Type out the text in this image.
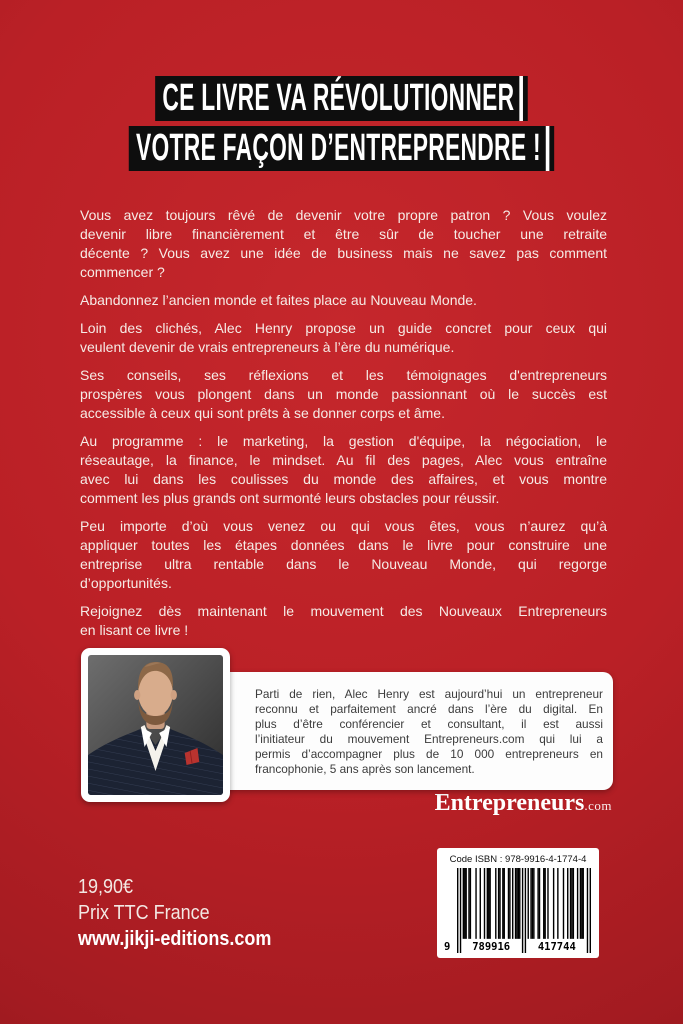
CE LIVRE VA RÉVOLUTIONNER
VOTRE FAÇON D’ENTREPRENDRE !
Vous avez toujours rêvé de devenir votre propre patron ? Vous voulez
devenir libre financièrement et être sûr de toucher une retraite
décente ? Vous avez une idée de business mais ne savez pas comment
commencer ?
Abandonnez l’ancien monde et faites place au Nouveau Monde.
Loin des clichés, Alec Henry propose un guide concret pour ceux qui
veulent devenir de vrais entrepreneurs à l’ère du numérique.
Ses conseils, ses réflexions et les témoignages d'entrepreneurs
prospères vous plongent dans un monde passionnant où le succès est
accessible à ceux qui sont prêts à se donner corps et âme.
Au programme : le marketing, la gestion d'équipe, la négociation, le
réseautage, la finance, le mindset. Au fil des pages, Alec vous entraîne
avec lui dans les coulisses du monde des affaires, et vous montre
comment les plus grands ont surmonté leurs obstacles pour réussir.
Peu importe d’où vous venez ou qui vous êtes, vous n’aurez qu’à
appliquer toutes les étapes données dans le livre pour construire une
entreprise ultra rentable dans le Nouveau Monde, qui regorge
d’opportunités.
Rejoignez dès maintenant le mouvement des Nouveaux Entrepreneurs
en lisant ce livre !
Parti de rien, Alec Henry est aujourd’hui un entrepreneur
reconnu et parfaitement ancré dans l’ère du digital. En
plus d’être conférencier et consultant, il est aussi
l’initiateur du mouvement Entrepreneurs.com qui lui a
permis d’accompagner plus de 10 000 entrepreneurs en
francophonie, 5 ans après son lancement.
Entrepreneurs.com
19,90€
Prix TTC France
www.jikji-editions.com
Code ISBN : 978-9916-4-1774-4
9	789916	417744
